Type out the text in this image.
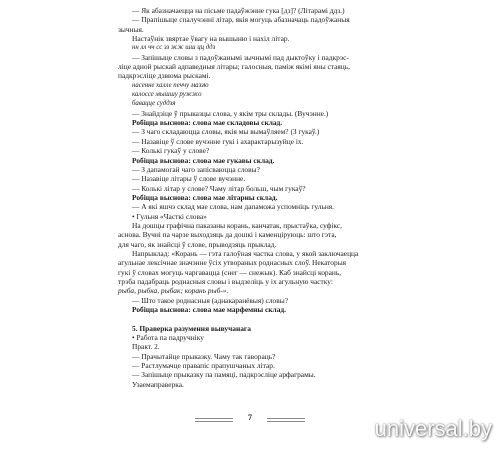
— Як абазначаецца на пісьме падаўжэнне гука [дз]? (Літарамі ддз.)
— Прапішыце спалучэнні літар, якія могуць абазначаць падоўжаныя
зычныя.
Настаўнік звяртае ўвагу на вышыню і нахіл літар.
нн лл чч сс зз жж шш цц ддз
— Запішыце словы з падоўжанымі зычнымі пад дыктоўку і падкрэс-
ліце адной рыскай адпаведныя літары; галосныя, паміж якімі яны стаяць,
падкрэсліце дзвюма рыскамі.
насенне халле печчу маззю
калоссе мышшу ружжо
бавацце суддзя
— Знайдзіце ў прыказцы слова, у якім тры склады. (Вучэнне.)
Робіцца высновa: слова мае складовы склад.
— З чаго складаюцца словы, якія мы вымаўляем? (З гукаў.)
— Назавіце ў слове вучэнне гукі і ахарактарызуйце іх.
— Колькі гукаў у слове?
Робіцца высновa: слова мае гукавы склад.
— З дапамогай чаго запісваюцца словы?
— Назавіце літары ў слове вучэнне.
— Колькі літар у слове? Чаму літар больш, чым гукаў?
Робіцца высновa: слова мае літарны склад.
— А які яшчэ склад мае слова, нам дапаможа успомніць гульня.
• Гульня «Часткі слова»
На дошцы графічна паказаны корань, канчатак, прыстаўка, суфікс,
аснова. Вучні па чарзе выходзяць да дошкі і каменціруюць: што гэта,
для чаго, як знайсці ў слове, прыводзяць прыклад.
Напрыклад: «Корань — гэта галоўная частка слова, у якой заключаецца
агульнае лексічнае значэнне ўсіх утвораных роднасных слоў. Некаторыя
гукі ў словах могуць чаргавацца (снег — снежык). Каб знайсці корань,
трэба падабраць роднасныя словы і выдзеліць у іх агульную частку:
рыба, рыбка, рыбак; корань рыб-».
— Што такое роднасныя (аднакаранёвыя) словы?
Робіцца высновa: слова мае марфемны склад.
5. Праверка разумення вывучанага
• Работа па падручніку
Практ. 2.
— Прачытайце прыказку. Чаму так гавораць?
— Растлумачце правапіс прапушчаных літар.
— Запішыце прыказку па памяці, падкрэсліце арфаграмы.
Узаемаправерка.
7	universal.by
